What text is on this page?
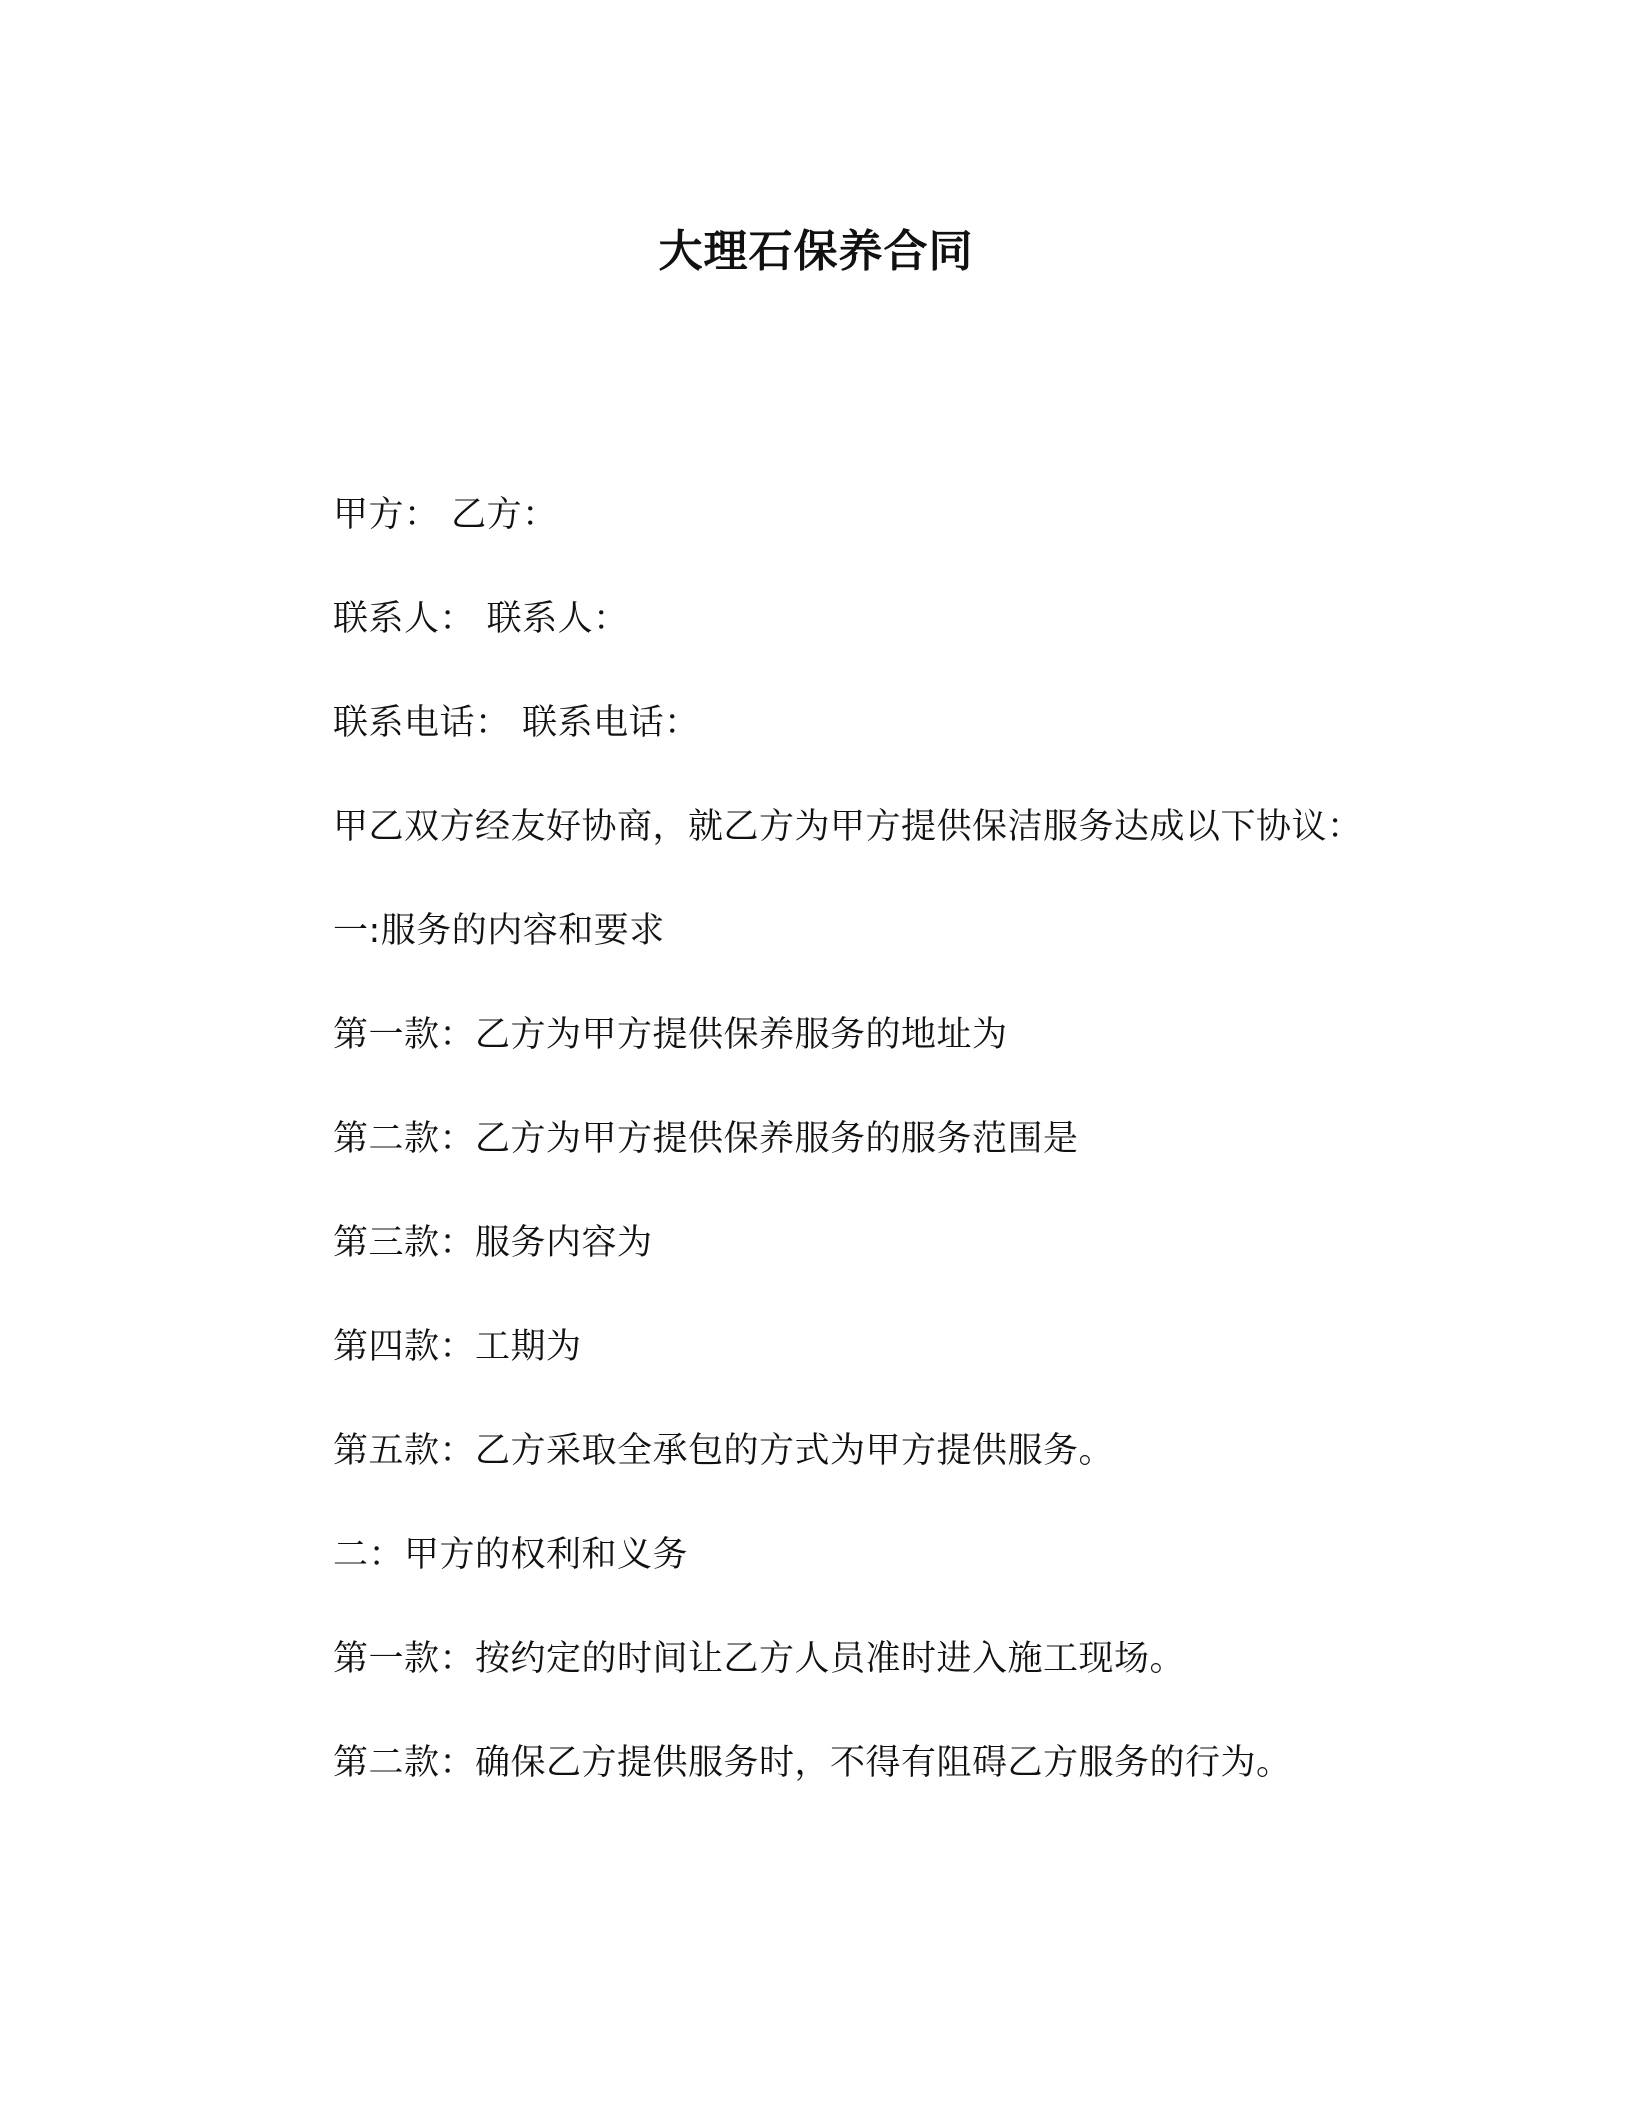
大理石保养合同
甲方： 乙方：
联系人： 联系人：
联系电话： 联系电话：
甲乙双方经友好协商，就乙方为甲方提供保洁服务达成以下协议：
一:服务的内容和要求
第一款：乙方为甲方提供保养服务的地址为
第二款：乙方为甲方提供保养服务的服务范围是
第三款：服务内容为
第四款：工期为
第五款：乙方采取全承包的方式为甲方提供服务。
二：甲方的权利和义务
第一款：按约定的时间让乙方人员准时进入施工现场。
第二款：确保乙方提供服务时，不得有阻碍乙方服务的行为。
